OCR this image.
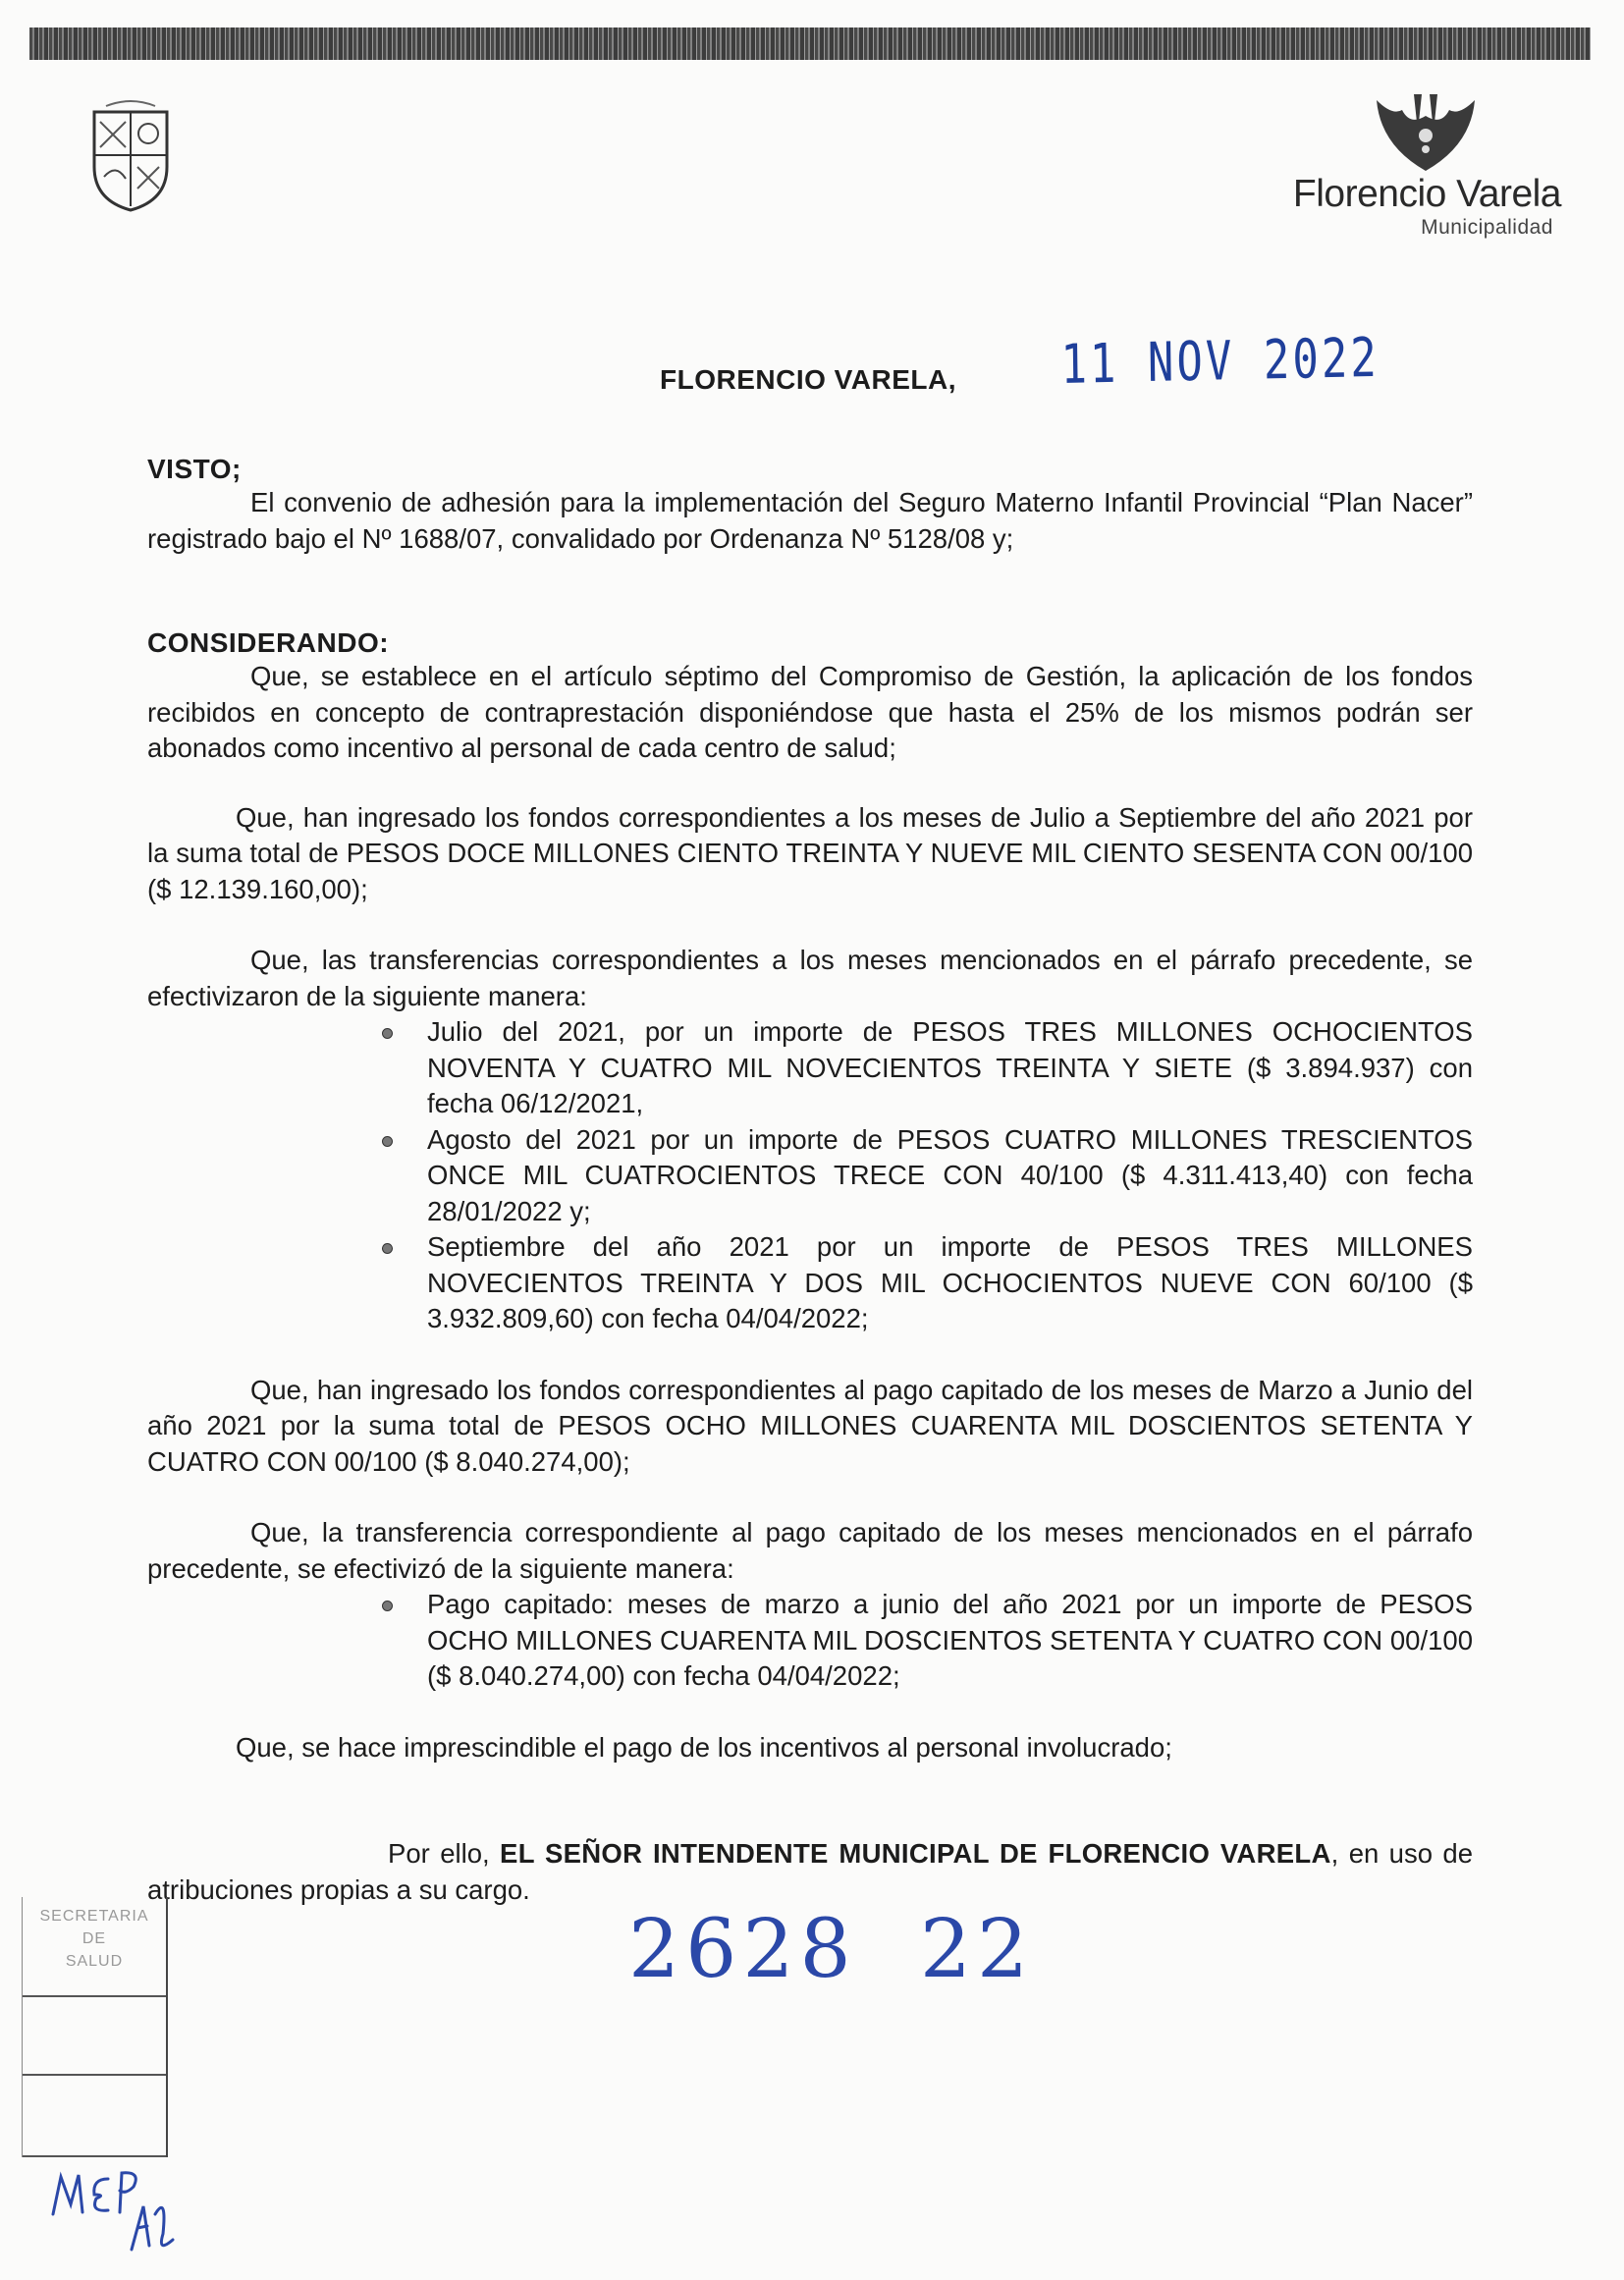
Florencio Varela
Municipalidad
FLORENCIO VARELA, 11 NOV 2022
VISTO;

El convenio de adhesión para la implementación del Seguro Materno Infantil Provincial “Plan Nacer” registrado bajo el Nº 1688/07, convalidado por Ordenanza Nº 5128/08 y;

CONSIDERANDO:

Que, se establece en el artículo séptimo del Compromiso de Gestión, la aplicación de los fondos recibidos en concepto de contraprestación disponiéndose que hasta el 25% de los mismos podrán ser abonados como incentivo al personal de cada centro de salud;

Que, han ingresado los fondos correspondientes a los meses de Julio a Septiembre del año 2021 por la suma total de PESOS DOCE MILLONES CIENTO TREINTA Y NUEVE MIL CIENTO SESENTA CON 00/100 ($ 12.139.160,00);

Que, las transferencias correspondientes a los meses mencionados en el párrafo precedente, se efectivizaron de la siguiente manera:

Julio del 2021, por un importe de PESOS TRES MILLONES OCHOCIENTOS NOVENTA Y CUATRO MIL NOVECIENTOS TREINTA Y SIETE ($ 3.894.937) con fecha 06/12/2021,
Agosto del 2021 por un importe de PESOS CUATRO MILLONES TRESCIENTOS ONCE MIL CUATROCIENTOS TRECE CON 40/100 ($ 4.311.413,40) con fecha 28/01/2022 y;
Septiembre del año 2021 por un importe de PESOS TRES MILLONES NOVECIENTOS TREINTA Y DOS MIL OCHOCIENTOS NUEVE CON 60/100 ($ 3.932.809,60) con fecha 04/04/2022;

Que, han ingresado los fondos correspondientes al pago capitado de los meses de Marzo a Junio del año 2021 por la suma total de PESOS OCHO MILLONES CUARENTA MIL DOSCIENTOS SETENTA Y CUATRO CON 00/100 ($ 8.040.274,00);

Que, la transferencia correspondiente al pago capitado de los meses mencionados en el párrafo precedente, se efectivizó de la siguiente manera:

Pago capitado: meses de marzo a junio del año 2021 por un importe de PESOS OCHO MILLONES CUARENTA MIL DOSCIENTOS SETENTA Y CUATRO CON 00/100 ($ 8.040.274,00) con fecha 04/04/2022;

Que, se hace imprescindible el pago de los incentivos al personal involucrado;

Por ello, EL SEÑOR INTENDENTE MUNICIPAL DE FLORENCIO VARELA, en uso de atribuciones propias a su cargo.

2628  22
SECRETARIA
DE
SALUD
